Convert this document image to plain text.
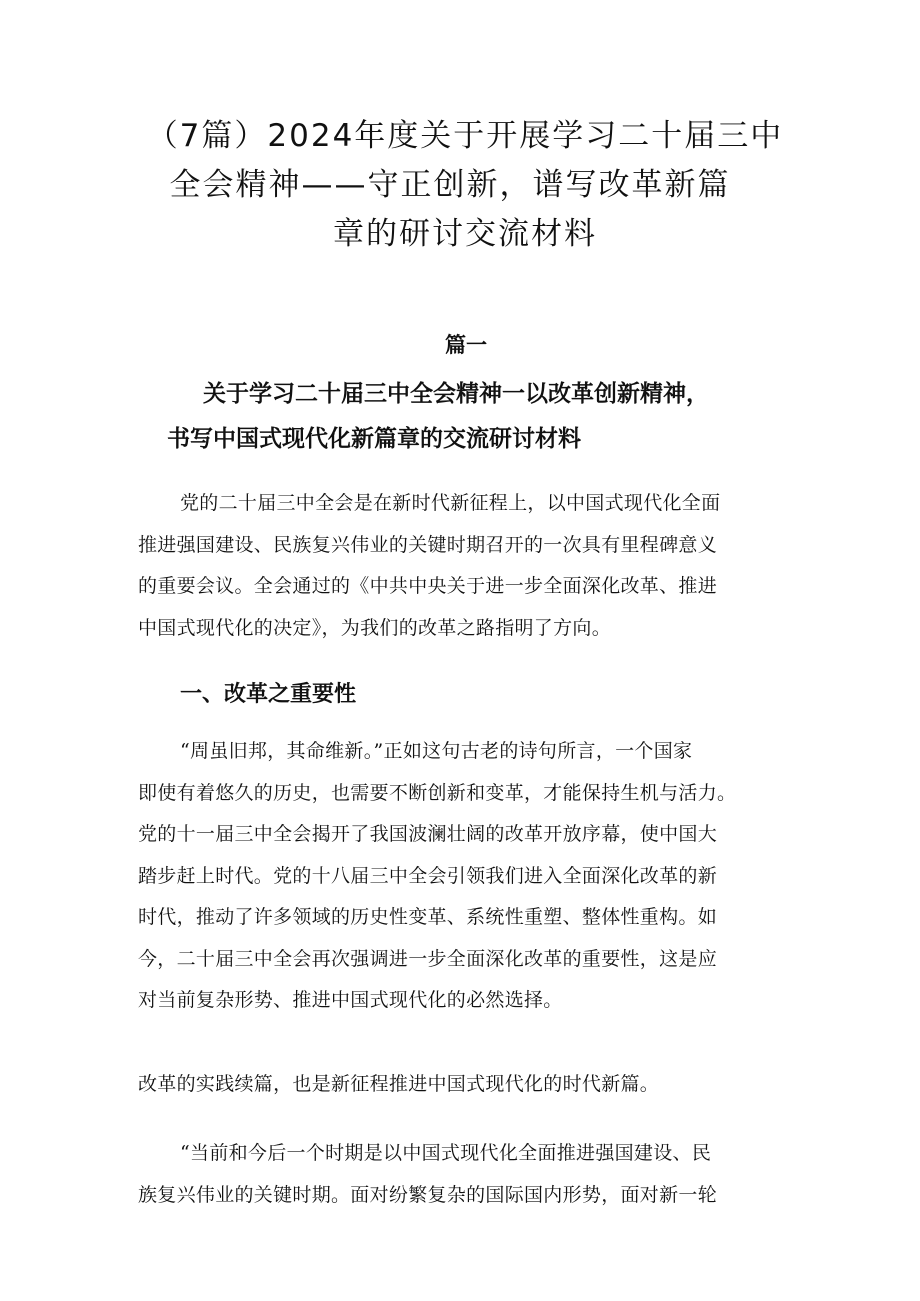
（7篇）2024年度关于开展学习二十届三中
全会精神——守正创新，谱写改革新篇
章的研讨交流材料
篇一
关于学习二十届三中全会精神一以改革创新精神，
书写中国式现代化新篇章的交流研讨材料

党的二十届三中全会是在新时代新征程上，以中国式现代化全面
推进强国建设、民族复兴伟业的关键时期召开的一次具有里程碑意义
的重要会议。全会通过的《中共中央关于进一步全面深化改革、推进
中国式现代化的决定》，为我们的改革之路指明了方向。

一、改革之重要性

“周虽旧邦，其命维新。”正如这句古老的诗句所言，一个国家
即使有着悠久的历史，也需要不断创新和变革，才能保持生机与活力。
党的十一届三中全会揭开了我国波澜壮阔的改革开放序幕，使中国大
踏步赶上时代。党的十八届三中全会引领我们进入全面深化改革的新
时代，推动了许多领域的历史性变革、系统性重塑、整体性重构。如
今，二十届三中全会再次强调进一步全面深化改革的重要性，这是应
对当前复杂形势、推进中国式现代化的必然选择。

改革的实践续篇，也是新征程推进中国式现代化的时代新篇。

“当前和今后一个时期是以中国式现代化全面推进强国建设、民
族复兴伟业的关键时期。面对纷繁复杂的国际国内形势，面对新一轮
